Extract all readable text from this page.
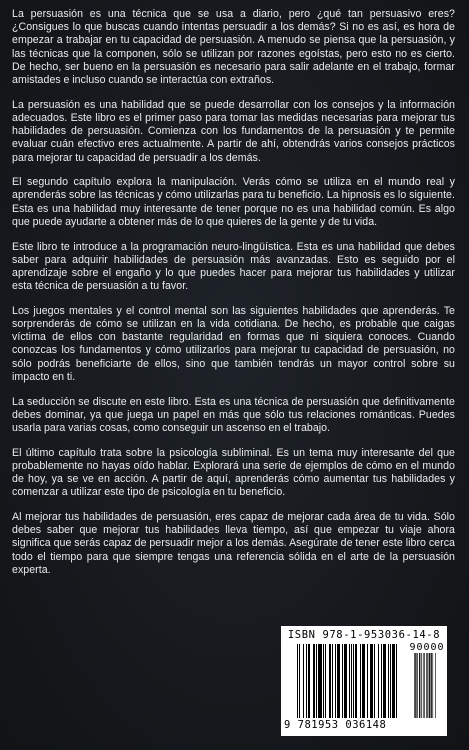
La persuasión es una técnica que se usa a diario, pero ¿qué tan persuasivo eres? ¿Consigues lo que buscas cuando intentas persuadir a los demás? Si no es así, es hora de empezar a trabajar en tu capacidad de persuasión. A menudo se piensa que la persuasión, y las técnicas que la componen, sólo se utilizan por razones egoístas, pero esto no es cierto. De hecho, ser bueno en la persuasión es necesario para salir adelante en el trabajo, formar amistades e incluso cuando se interactúa con extraños.

La persuasión es una habilidad que se puede desarrollar con los consejos y la información adecuados. Este libro es el primer paso para tomar las medidas necesarias para mejorar tus habilidades de persuasión. Comienza con los fundamentos de la persuasión y te permite evaluar cuán efectivo eres actualmente. A partir de ahí, obtendrás varios consejos prácticos para mejorar tu capacidad de persuadir a los demás.

El segundo capítulo explora la manipulación. Verás cómo se utiliza en el mundo real y aprenderás sobre las técnicas y cómo utilizarlas para tu beneficio. La hipnosis es lo siguiente. Esta es una habilidad muy interesante de tener porque no es una habilidad común. Es algo que puede ayudarte a obtener más de lo que quieres de la gente y de tu vida.

Este libro te introduce a la programación neuro-lingüística. Esta es una habilidad que debes saber para adquirir habilidades de persuasión más avanzadas. Esto es seguido por el aprendizaje sobre el engaño y lo que puedes hacer para mejorar tus habilidades y utilizar esta técnica de persuasión a tu favor.

Los juegos mentales y el control mental son las siguientes habilidades que aprenderás. Te sorprenderás de cómo se utilizan en la vida cotidiana. De hecho, es probable que caigas víctima de ellos con bastante regularidad en formas que ni siquiera conoces. Cuando conozcas los fundamentos y cómo utilizarlos para mejorar tu capacidad de persuasión, no sólo podrás beneficiarte de ellos, sino que también tendrás un mayor control sobre su impacto en ti.

La seducción se discute en este libro. Esta es una técnica de persuasión que definitivamente debes dominar, ya que juega un papel en más que sólo tus relaciones románticas. Puedes usarla para varias cosas, como conseguir un ascenso en el trabajo.

El último capítulo trata sobre la psicología subliminal. Es un tema muy interesante del que probablemente no hayas oído hablar. Explorará una serie de ejemplos de cómo en el mundo de hoy, ya se ve en acción. A partir de aquí, aprenderás cómo aumentar tus habilidades y comenzar a utilizar este tipo de psicología en tu beneficio.

Al mejorar tus habilidades de persuasión, eres capaz de mejorar cada área de tu vida. Sólo debes saber que mejorar tus habilidades lleva tiempo, así que empezar tu viaje ahora significa que serás capaz de persuadir mejor a los demás. Asegúrate de tener este libro cerca todo el tiempo para que siempre tengas una referencia sólida en el arte de la persuasión experta.

ISBN 978-1-953036-14-8
90000
9 781953 036148
